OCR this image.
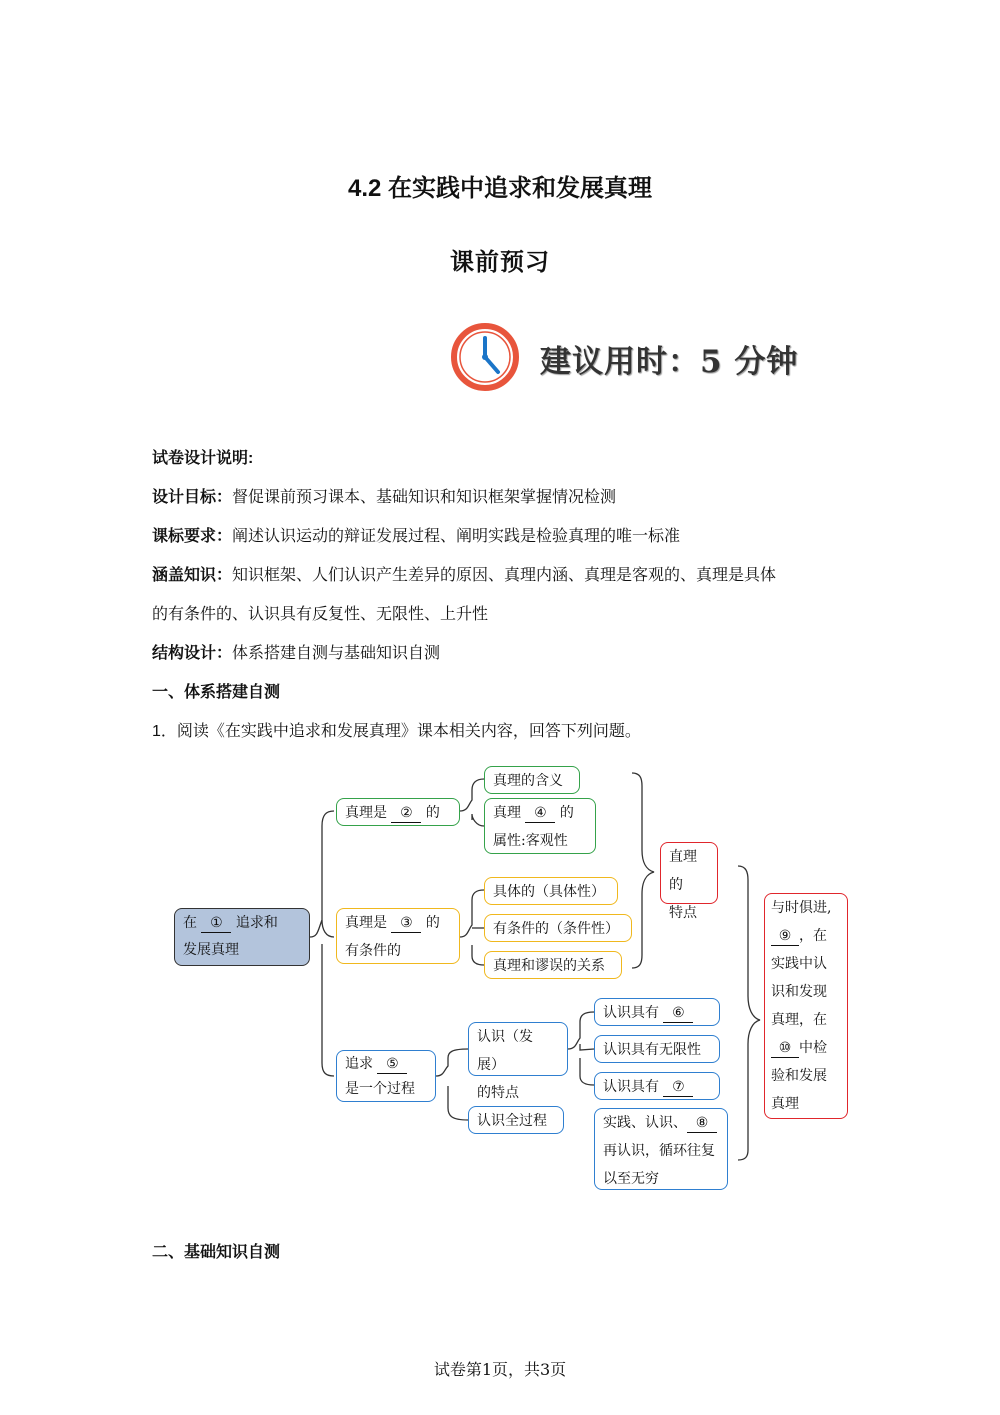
4.2 在实践中追求和发展真理
课前预习
建议用时：5 分钟
试卷设计说明:
设计目标：督促课前预习课本、基础知识和知识框架掌握情况检测
课标要求：阐述认识运动的辩证发展过程、阐明实践是检验真理的唯一标准
涵盖知识：知识框架、人们认识产生差异的原因、真理内涵、真理是客观的、真理是具体
的有条件的、认识具有反复性、无限性、上升性
结构设计：体系搭建自测与基础知识自测
一、体系搭建自测
1．阅读《在实践中追求和发展真理》课本相关内容，回答下列问题。
在 ① 追求和
发展真理
真理是 ② 的
真理的含义
真理 ④ 的
属性:客观性
真理是 ③ 的
有条件的
具体的（具体性）
有条件的（条件性）
真理和谬误的关系
追求 ⑤
是一个过程
认识（发展）
的特点
认识全过程
认识具有 ⑥
认识具有无限性
认识具有 ⑦
实践、认识、 ⑧
再认识，循环往复
以至无穷
直理的
特点	与时俱进,
⑨ ，在
实践中认
识和发现
真理，在
⑩ 中检
验和发展
真理
二、基础知识自测
试卷第1页，共3页
